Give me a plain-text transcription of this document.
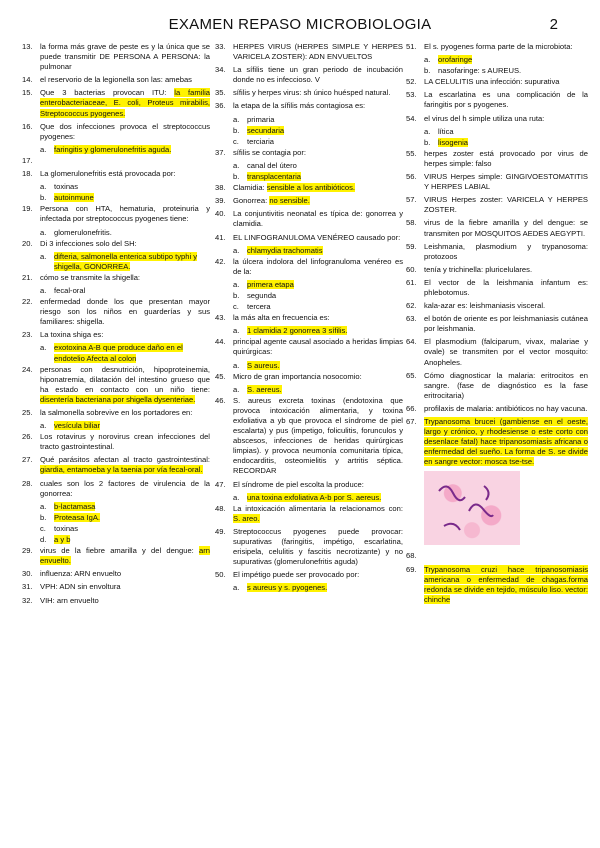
EXAMEN REPASO MICROBIOLOGIA	2
13. la forma más grave de peste es y la única que se puede transmitir DE PERSONA A PERSONA: la pulmonar
14. el reservorio de la legionella son las: amebas
15. Que 3 bacterias provocan ITU: la familia enterobacteriaceae, E. coli, Proteus mirabilis, Streptococcus pyogenes.
16. Que dos infecciones provoca el streptococcus pyogenes:
a.	faringitis y glomerulonefritis aguda.
17.
18. La glomerulonefritis está provocada por:
a.	toxinas
b.	autoinmune
19. Persona con HTA, hematuria, proteinuria y infectada por streptococcus pyogenes tiene:
a.	glomerulonefritis.
20. Di 3 infecciones solo del SH:
a.	difteria, salmonella enterica subtipo typhi y shigella, GONORREA.
21. cómo se transmite la shigella:
a.	fecal-oral
22. enfermedad donde los que presentan mayor riesgo son los niños en guarderías y sus familiares: shigella.
23. La toxina shiga es:
a.	exotoxina A-B que produce daño en el endotelio Afecta al colon
24. personas con desnutrición, hipoproteinemia, hiponatremia, dilatación del intestino grueso que ha estado en contacto con un niño tiene: disentería bacteriana por shigella dysenteriae.
25. la salmonella sobrevive en los portadores en:
a.	vesícula biliar
26. Los rotavirus y norovirus crean infecciones del tracto gastrointestinal.
27. Qué parásitos afectan al tracto gastrointestinal: giardia, entamoeba y la taenia por vía fecal-oral.
28. cuales son los 2 factores de virulencia de la gonorrea:
a.	b-lactamasa
b.	Proteasa IgA.
c.	toxinas
d.	a y b
29. virus de la fiebre amarilla y del dengue: arn envuelto.
30. influenza: ARN envuelto
31. VPH: ADN sin envoltura
32. VIH: arn envuelto
33. HERPES VIRUS (HERPES SIMPLE Y HERPES VARICELA ZOSTER): ADN ENVUELTOS
34. La sífilis tiene un gran periodo de incubación donde no es infeccioso. V
35. sífilis y herpes virus: sh único huésped natural.
36. la etapa de la sífilis más contagiosa es:
a.	primaria
b.	secundaria
c.	terciaria
37. sífilis se contagia por:
a.	canal del útero
b.	transplacentaria
38. Clamidia: sensible a los antibióticos.
39. Gonorrea: no sensible.
40. La conjuntivitis neonatal es típica de: gonorrea y clamidia.
41. EL LINFOGRANULOMA VENÉREO causado por:
a.	chlamydia trachomatis
42. la úlcera indolora del linfogranuloma venéreo es de la:
a.	primera etapa
b.	segunda
c.	tercera
43. la más alta en frecuencia es:
a.	1 clamidia 2 gonorrea 3 sífilis.
44. principal agente causal asociado a heridas limpias quirúrgicas:
a.	S aureus.
45. Micro de gran importancia nosocomio:
a.	S. aereus.
46. S. aureus excreta toxinas (endotoxina que provoca intoxicación alimentaria, y toxina exfoliativa a yb que provoca el síndrome de piel escalarta) y pus (impetigo, foliculitis, forunculos y abscesos, infecciones de heridas quirúrgicas limpias). y provoca neumonía comunitaria típica, endocarditis, osteomielitis y artritis séptica. RECORDAR
47. El síndrome de piel escolta la produce:
a.	una toxina exfoliativa A-b por S. aereus.
48. La intoxicación alimentaria la relacionamos con: S. areo.
49. Streptococcus pyogenes puede provocar: supurativas (faringitis, impétigo, escarlatina, erisipela, celulitis y fascitis necrotizante) y no supurativas (glomerulonefritis aguda)
50. El impétigo puede ser provocado por:
a.	s aureus y s. pyogenes.
51. El s. pyogenes forma parte de la microbiota:
a.	orofaringe
b.	nasofaringe: s AUREUS.
52. LA CELULITIS una infección: supurativa
53. La escarlatina es una complicación de la faringitis por s pyogenes.
54. el virus del h simple utiliza una ruta:
a.	lítica
b.	lisogenia
55. herpes zoster está provocado por virus de herpes simple: falso
56. VIRUS Herpes simple: GINGIVOESTOMATITIS Y HERPES LABIAL
57. VIRUS Herpes zoster: VARICELA Y HERPES ZOSTER.
58. virus de la fiebre amarilla y del dengue: se transmiten por MOSQUITOS AEDES AEGYPTI.
59. Leishmania, plasmodium y trypanosoma: protozoos
60. tenía y trichinella: pluricelulares.
61. El vector de la leishmania infantum es: phlebotomus.
62. kala-azar es: leishmaniasis visceral.
63. el botón de oriente es por leishmaniasis cutánea por leishmania.
64. El plasmodium (falciparum, vivax, malariae y ovale) se transmiten por el vector mosquito: Anopheles.
65. Cómo diagnosticar la malaria: eritrocitos en sangre. (fase de diagnóstico es la fase eritrocitaria)
66. profilaxis de malaria: antibióticos no hay vacuna.
67. Trypanosoma brucei (gambiense en el oeste, largo y crónico, y rhodesiense o este corto con desenlace fatal) hace tripanosomiasis africana o enfermedad del sueño. La forma de S. se divide en sangre vector: mosca tse-tse.
68.
69. Trypanosoma cruzi hace tripanosomiasis americana o enfermedad de chagas.forma redonda se divide en tejido, músculo liso. vector: chinche
